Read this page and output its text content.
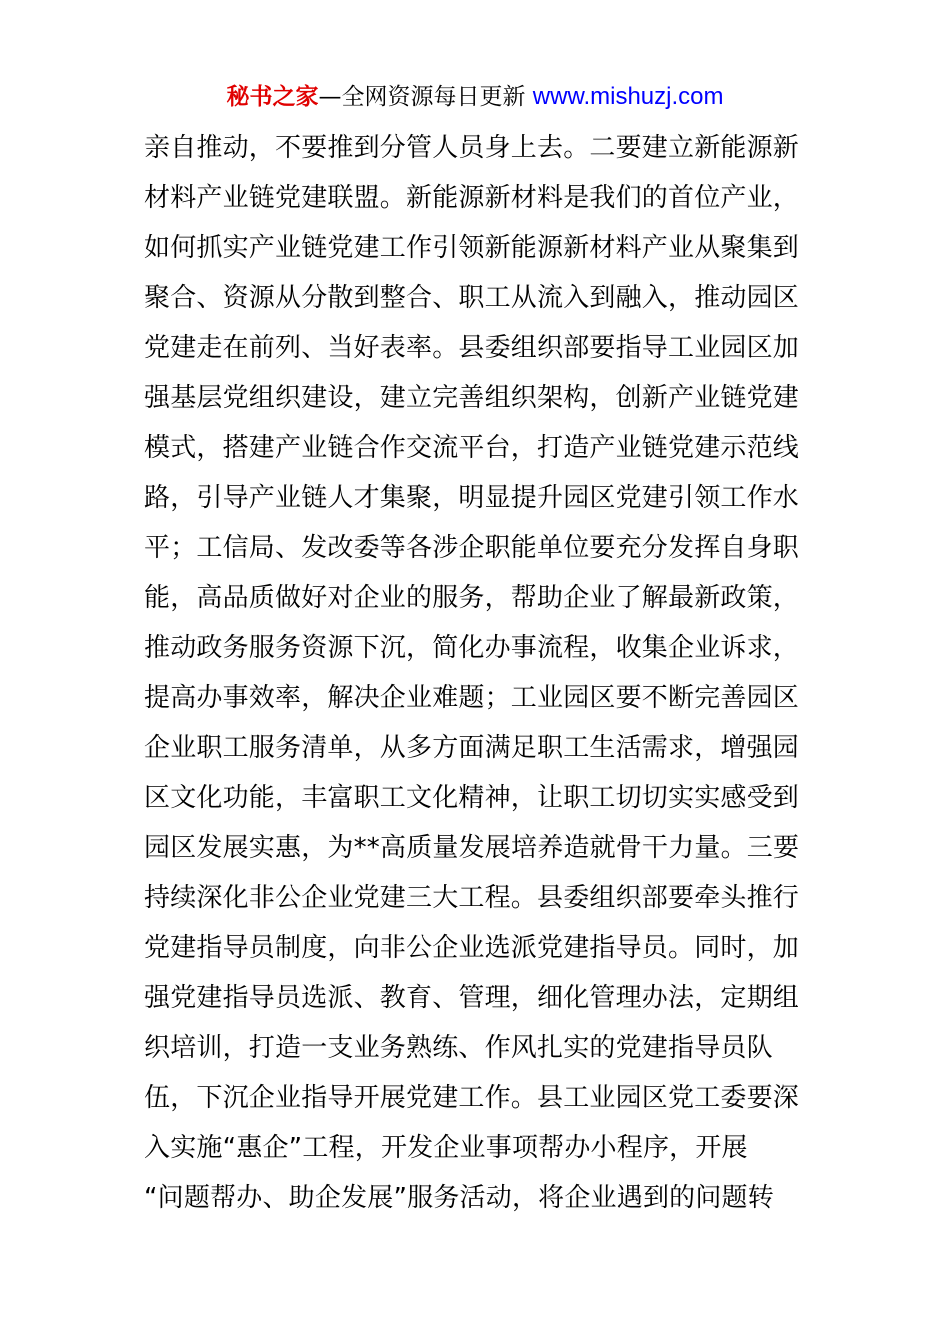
秘书之家—全网资源每日更新 www.mishuzj.com
亲自推动，不要推到分管人员身上去。二要建立新能源新
材料产业链党建联盟。新能源新材料是我们的首位产业，
如何抓实产业链党建工作引领新能源新材料产业从聚集到
聚合、资源从分散到整合、职工从流入到融入，推动园区
党建走在前列、当好表率。县委组织部要指导工业园区加
强基层党组织建设，建立完善组织架构，创新产业链党建
模式，搭建产业链合作交流平台，打造产业链党建示范线
路，引导产业链人才集聚，明显提升园区党建引领工作水
平；工信局、发改委等各涉企职能单位要充分发挥自身职
能，高品质做好对企业的服务，帮助企业了解最新政策，
推动政务服务资源下沉，简化办事流程，收集企业诉求，
提高办事效率，解决企业难题；工业园区要不断完善园区
企业职工服务清单，从多方面满足职工生活需求，增强园
区文化功能，丰富职工文化精神，让职工切切实实感受到
园区发展实惠，为**高质量发展培养造就骨干力量。三要
持续深化非公企业党建三大工程。县委组织部要牵头推行
党建指导员制度，向非公企业选派党建指导员。同时，加
强党建指导员选派、教育、管理，细化管理办法，定期组
织培训，打造一支业务熟练、作风扎实的党建指导员队
伍，下沉企业指导开展党建工作。县工业园区党工委要深
入实施“惠企”工程，开发企业事项帮办小程序，开展
“问题帮办、助企发展”服务活动，将企业遇到的问题转
